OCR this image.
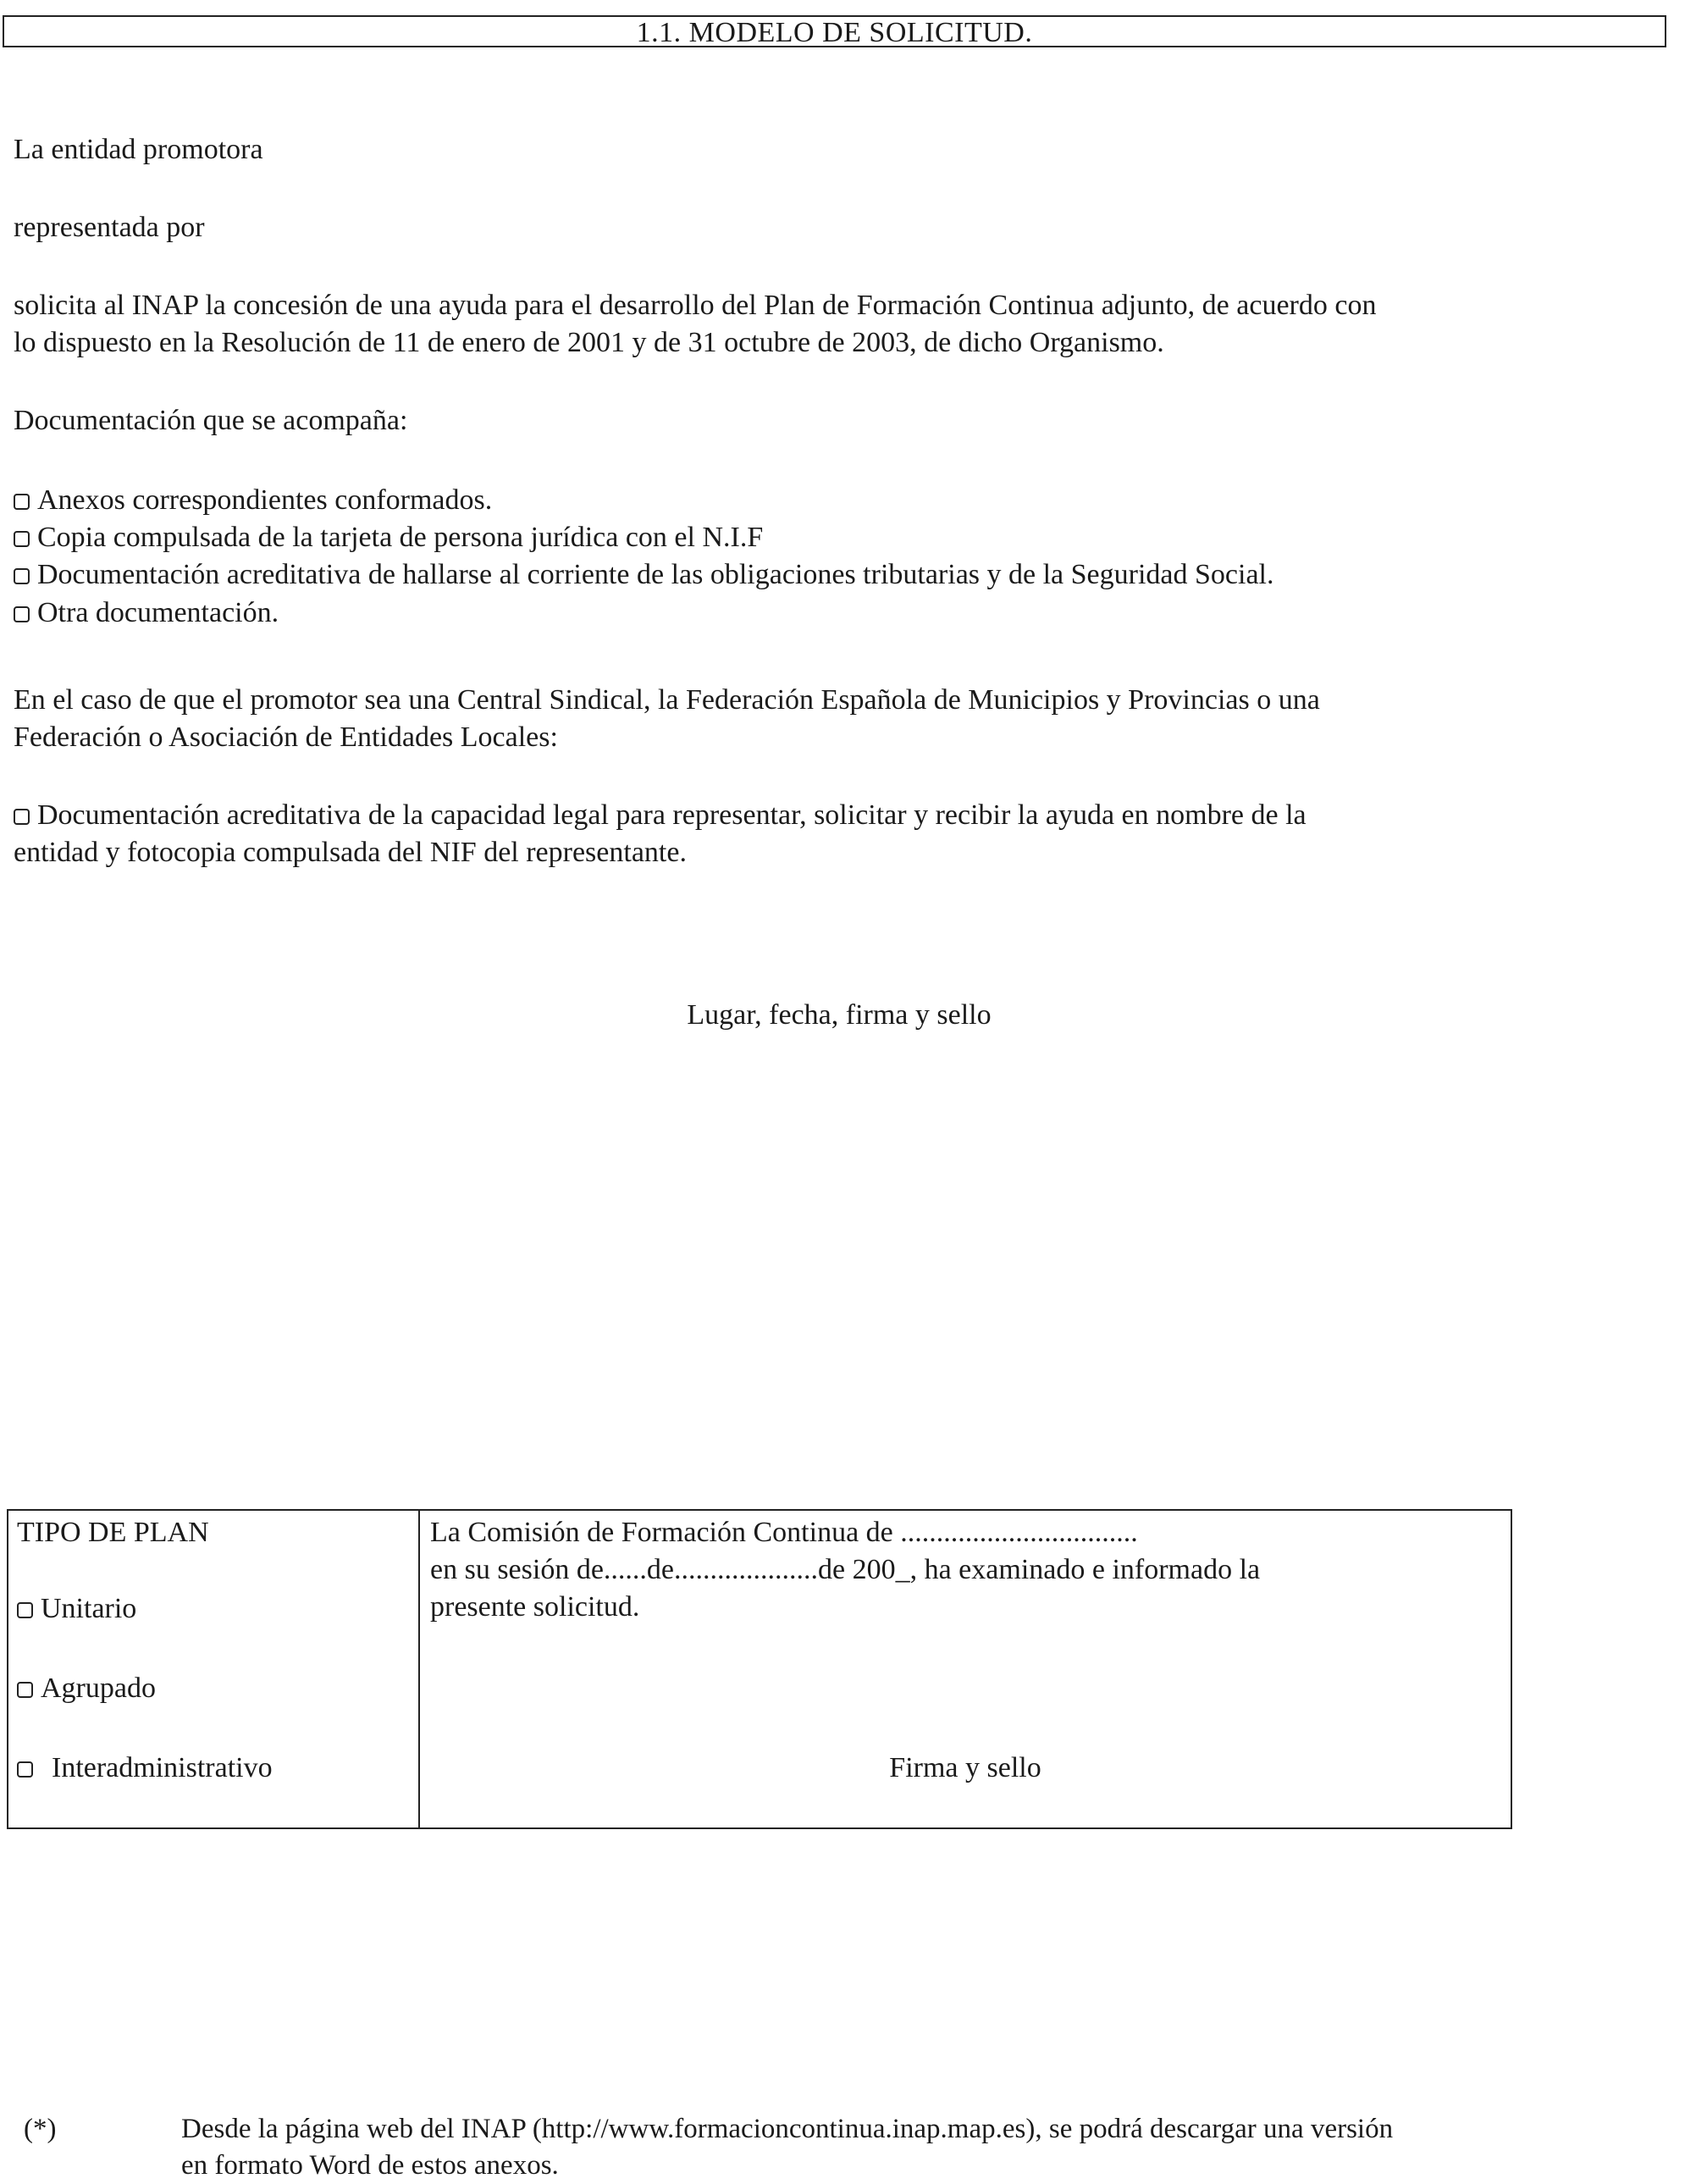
1.1. MODELO DE SOLICITUD.

La entidad promotora

representada por

solicita al INAP la concesión de una ayuda para el desarrollo del Plan de Formación Continua adjunto, de acuerdo con
lo dispuesto en la Resolución de 11 de enero de 2001 y de 31 octubre de 2003, de dicho Organismo.

Documentación que se acompaña:

Anexos correspondientes conformados.
Copia compulsada de la tarjeta de persona jurídica con el N.I.F
Documentación acreditativa de hallarse al corriente de las obligaciones tributarias y de la Seguridad Social.
Otra documentación.
En el caso de que el promotor sea una Central Sindical, la Federación Española de Municipios y Provincias o una
Federación o Asociación de Entidades Locales:
Documentación acreditativa de la capacidad legal para representar, solicitar y recibir la ayuda en nombre de la
entidad y fotocopia compulsada del NIF del representante.

Lugar, fecha, firma y sello

TIPO DE PLAN
Unitario
Agrupado
Interadministrativo

La Comisión de Formación Continua de .................................
en su sesión de......de....................de 200_, ha examinado e informado la
presente solicitud.
Firma y sello
(*)	Desde la página web del INAP (http://www.formacioncontinua.inap.map.es), se podrá descargar una versión
en formato Word de estos anexos.
